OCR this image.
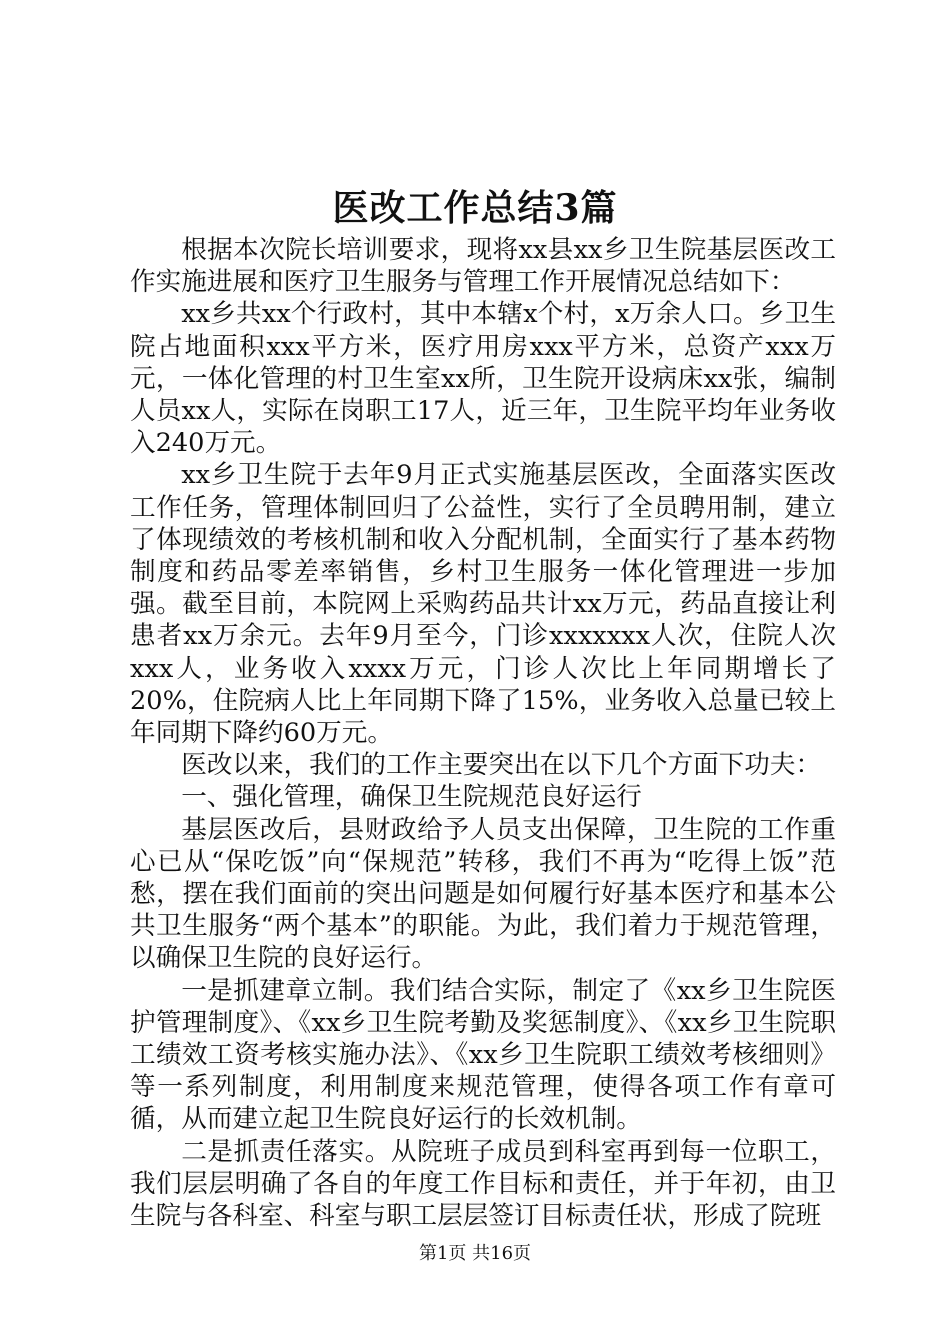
医改工作总结3篇

根据本次院长培训要求，现将xx县xx乡卫生院基层医改工作实施进展和医疗卫生服务与管理工作开展情况总结如下：

xx乡共xx个行政村，其中本辖x个村，x万余人口。乡卫生院占地面积xxx平方米，医疗用房xxx平方米，总资产xxx万元，一体化管理的村卫生室xx所，卫生院开设病床xx张，编制人员xx人，实际在岗职工17人，近三年，卫生院平均年业务收入240万元。

xx乡卫生院于去年9月正式实施基层医改，全面落实医改工作任务，管理体制回归了公益性，实行了全员聘用制，建立了体现绩效的考核机制和收入分配机制，全面实行了基本药物制度和药品零差率销售，乡村卫生服务一体化管理进一步加强。截至目前，本院网上采购药品共计xx万元，药品直接让利患者xx万余元。去年9月至今，门诊xxxxxxx人次，住院人次xxx人，业务收入xxxx万元，门诊人次比上年同期增长了20%，住院病人比上年同期下降了15%，业务收入总量已较上年同期下降约60万元。

医改以来，我们的工作主要突出在以下几个方面下功夫：

一、强化管理，确保卫生院规范良好运行

基层医改后，县财政给予人员支出保障，卫生院的工作重心已从“保吃饭”向“保规范”转移，我们不再为“吃得上饭”范愁，摆在我们面前的突出问题是如何履行好基本医疗和基本公共卫生服务“两个基本”的职能。为此，我们着力于规范管理，以确保卫生院的良好运行。

一是抓建章立制。我们结合实际，制定了《xx乡卫生院医护管理制度》、《xx乡卫生院考勤及奖惩制度》、《xx乡卫生院职工绩效工资考核实施办法》、《xx乡卫生院职工绩效考核细则》等一系列制度，利用制度来规范管理，使得各项工作有章可循，从而建立起卫生院良好运行的长效机制。

二是抓责任落实。从院班子成员到科室再到每一位职工，我们层层明确了各自的年度工作目标和责任，并于年初，由卫生院与各科室、科室与职工层层签订目标责任状，形成了院班

第1页 共16页
